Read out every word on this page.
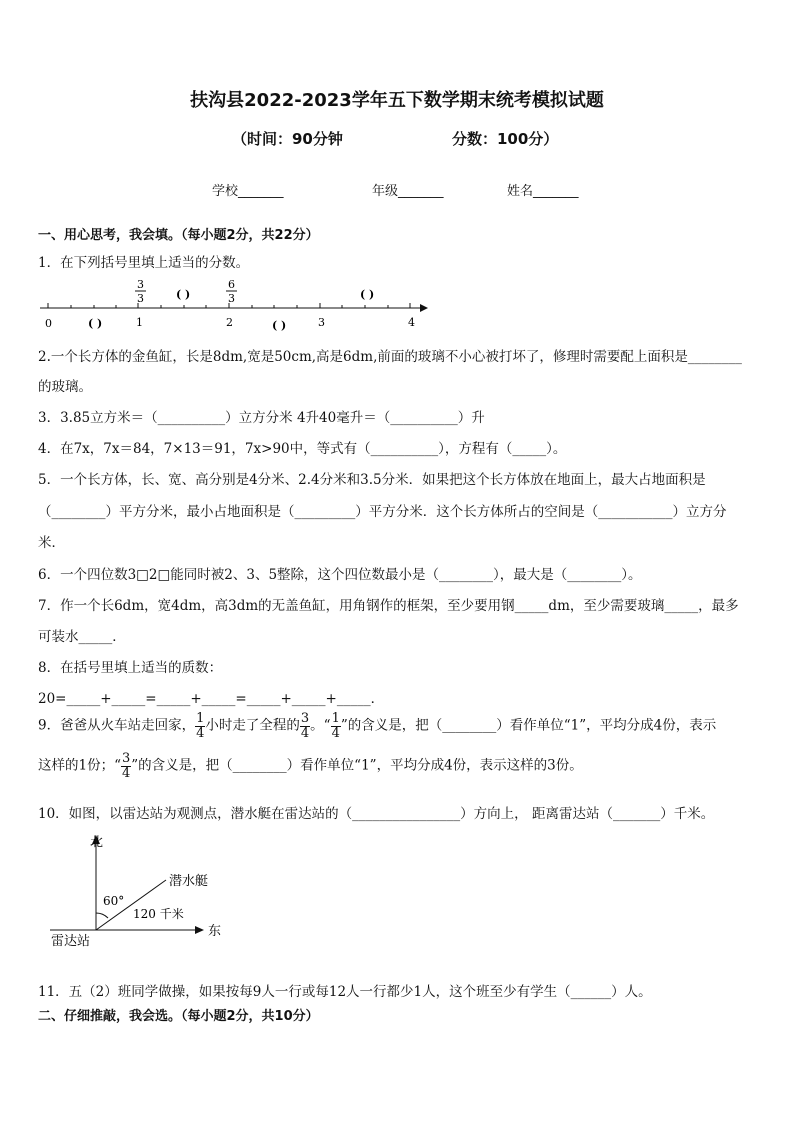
扶沟县2022-2023学年五下数学期末统考模拟试题
（时间：90分钟	分数：100分）
学校_______	年级_______	姓名_______
一、用心思考，我会填。（每小题2分，共22分）
1．在下列括号里填上适当的分数。
0	1	2	3	4
3
3
6
3
( )	( )
( )	( )
2.一个长方体的金鱼缸，长是8dm,宽是50cm,高是6dm,前面的玻璃不小心被打坏了，修理时需要配上面积是________
的玻璃。
3．3.85立方米＝（__________）立方分米 4升40毫升＝（__________）升
4．在7x，7x＝84，7×13＝91，7x>90中，等式有（__________），方程有（_____）。
5．一个长方体，长、宽、高分别是4分米、2.4分米和3.5分米．如果把这个长方体放在地面上，最大占地面积是
（________）平方分米，最小占地面积是（_________）平方分米．这个长方体所占的空间是（___________）立方分
米．
6．一个四位数3□2□能同时被2、3、5整除，这个四位数最小是（________），最大是（________）。
7．作一个长6dm，宽4dm，高3dm的无盖鱼缸，用角钢作的框架，至少要用钢_____dm，至少需要玻璃_____，最多
可装水_____．
8．在括号里填上适当的质数：
20=_____+_____=_____+_____=_____+_____+_____．
9．爸爸从火车站走回家， $\frac{1}{4}$ 小时走了全程的 $\frac{3}{4}$ 。“ $\frac{1}{4}$ ”的含义是，把（________）看作单位“1”，平均分成4份，表示
这样的1份；“ $\frac{3}{4}$ ”的含义是，把（________）看作单位“1”，平均分成4份，表示这样的3份。
10．如图，以雷达站为观测点，潜水艇在雷达站的（________________）方向上， 距离雷达站（_______）千米。
北
东
雷达站
潜水艇
60°
120 千米
11．五（2）班同学做操，如果按每9人一行或每12人一行都少1人，这个班至少有学生（______）人。
二、仔细推敲，我会选。（每小题2分，共10分）
